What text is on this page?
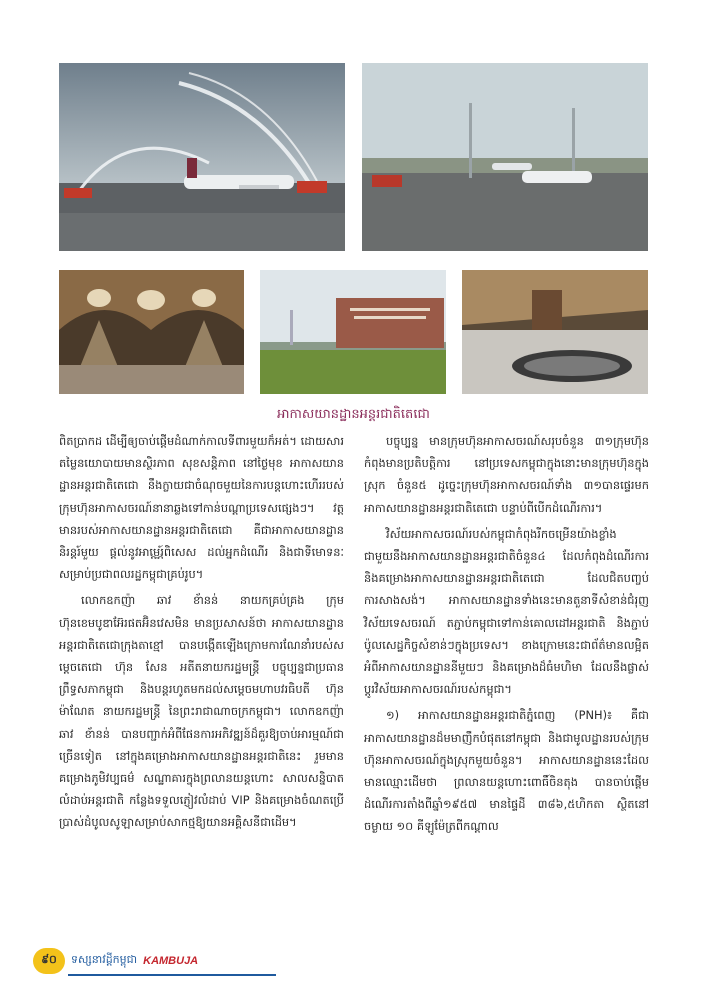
អាកាសយានដ្ឋានអន្តរជាតិតេជោ

ពិតប្រាកដ ដើម្បីឲ្យចាប់ផ្តើមដំណាក់កាលទីពារមួយក៏អត់។ ដោយសារតម្លៃនយោបាយមានស្ថិរភាព សុខសន្តិភាព នៅថ្ងៃមុខ អាកាសយានដ្ឋានអន្តរជាតិតេជោ នឹងក្លាយជាចំណុចមួយនៃការបន្តហោះហើររបស់ក្រុមហ៊ុនអាកាសចរណ៍នានាឆ្លងទៅកាន់បណ្តាប្រទេសផ្សេងៗ។ វត្តមានរបស់អាកាសយានដ្ឋានអន្តរជាតិតេជោ គឺជាអាកាសយានដ្ឋាននិរន្តរ៍មួយ ផ្តល់នូវអាមេរ្ណ៍ពិសេស ដល់អ្នកដំណើរ និងជាទីមោទនៈសម្រាប់ប្រជាពលរដ្ឋកម្ពុជាគ្រប់រូប។

លោកឧកញ៉ា ឆាវ ខ័ានន់ នាយកគ្រប់គ្រង ក្រុមហ៊ុនខេមបូឌាអ៊ែរផតអ៊ិនវេសមិន មានប្រសាសន៍ថា អាកាសយានដ្ឋានអន្តរជាតិតេជោក្រុងតាខ្មៅ បានបង្កើតឡើងក្រោមការណែនាំរបស់សម្តេចតេជោ ហ៊ុន សែន អតីតនាយករដ្ឋមន្ត្រី បច្ចុប្បន្នជាប្រធានព្រឹទ្ធសភាកម្ពុជា និងបន្តរហូតមកដល់សម្តេចមហាបវរធិបតី ហ៊ុន ម៉ាណែត នាយករដ្ឋមន្ត្រី នៃព្រះរាជាណាចក្រកម្ពុជា។ លោកឧកញ៉ា ឆាវ ខ័ានន់ បានបញ្ជាក់អំពីផែនការអភិវឌ្ឍន៍ដ៏គួរឱ្យចាប់អារម្មណ៍ជាច្រើនទៀត នៅក្នុងគម្រោងអាកាសយានដ្ឋានអន្តរជាតិនេះ រួមមានគម្រោងភូមិវប្បធម៌ សណ្ឋាគារក្នុងព្រលានយន្តហោះ សាលសន្និបាតលំដាប់អន្តរជាតិ កន្លែងទទួលភ្ញៀវលំដាប់ VIP និងគម្រោងចំណតប្រើប្រាស់ដំបូលសូឡាសម្រាប់សាកថ្មឱ្យយានអគ្គិសនីជាដើម។

បច្ចុប្បន្ន មានក្រុមហ៊ុនអាកាសចរណ៍សរុបចំនួន ៣១ក្រុមហ៊ុន កំពុងមានប្រតិបត្តិការ នៅប្រទេសកម្ពុជាក្នុងនោះមានក្រុមហ៊ុនក្នុងស្រុក ចំនួន៥ ដូច្នេះក្រុមហ៊ុនអាកាសចរណ៍ទាំង ៣១បានផ្ទេរមកអាកាសយានដ្ឋានអន្តរជាតិតេជោ បន្ទាប់ពីបើកដំណើរការ។

វិស័យអាកាសចរណ៍របស់កម្ពុជាកំពុងរីកចម្រើនយ៉ាងខ្លាំង ជាមួយនឹងអាកាសយានដ្ឋានអន្តរជាតិចំនួន៤ ដែលកំពុងដំណើរការ និងគម្រោងអាកាសយានដ្ឋានអន្តរជាតិតេជោ ដែលជិតបញ្ចប់ការសាងសង់។ អាកាសយានដ្ឋានទាំងនេះមានតួនាទីសំខាន់ជំរុញវិស័យទេសចរណ៍ តភ្ជាប់កម្ពុជាទៅកាន់គោលដៅអន្តរជាតិ និងភ្ជាប់ប៉ូលសេដ្ឋកិច្ចសំខាន់ៗក្នុងប្រទេស។ ខាងក្រោមនេះជាព័ត៌មានលម្អិតអំពីអាកាសយានដ្ឋាននីមួយៗ និងគម្រោងដ៏ធំមហិមា ដែលនឹងផ្លាស់ប្តូរវិស័យអាកាសចរណ៍របស់កម្ពុជា។

១) អាកាសយានដ្ឋានអន្តរជាតិភ្នំពេញ (PNH)៖ គឺជាអាកាសយានដ្ឋានដ៏មមាញឹកបំផុតនៅកម្ពុជា និងជាមូលដ្ឋានរបស់ក្រុមហ៊ុនអាកាសចរណ៍ក្នុងស្រុកមួយចំនួន។ អាកាសយានដ្ឋាននេះដែលមានឈ្មោះដើមថា ព្រលានយន្តហោះពោធិ៍ចិនតុង បានចាប់ផ្តើមដំណើរការតាំងពីឆ្នាំ១៩៥៧ មានផ្ទៃដី ៣៨៦,៥ហិកតា ស្ថិតនៅចម្ងាយ ១០ គីឡូម៉ែត្រពីកណ្តាល

៩០	ទស្សនាវដ្តីកម្ពុជា KAMBUJA
